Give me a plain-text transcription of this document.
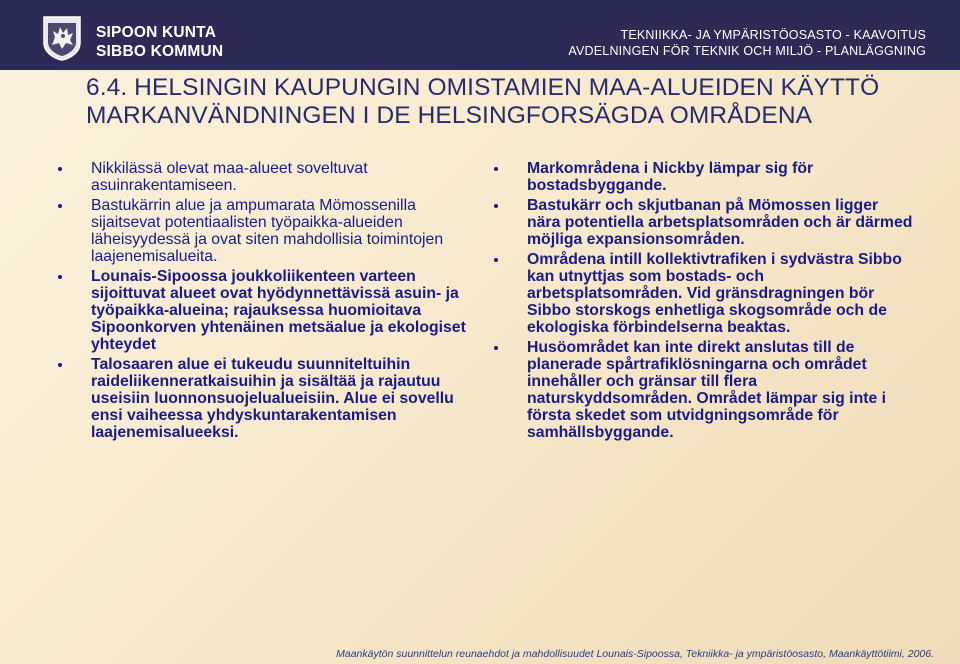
SIPOON KUNTA
SIBBO KOMMUN
TEKNIIKKA- JA YMPÄRISTÖOSASTO - KAAVOITUS
AVDELNINGEN FÖR TEKNIK OCH MILJÖ - PLANLÄGGNING
6.4. HELSINGIN KAUPUNGIN OMISTAMIEN MAA-ALUEIDEN KÄYTTÖ
MARKANVÄNDNINGEN I DE HELSINGFORSÄGDA OMRÅDENA
Nikkilässä olevat maa-alueet soveltuvat asuinrakentamiseen.
Bastukärrin alue ja ampumarata Mömossenilla sijaitsevat potentiaalisten työpaikka-alueiden läheisyydessä ja ovat siten mahdollisia toimintojen laajenemisalueita.
Lounais-Sipoossa joukkoliikenteen varteen sijoittuvat alueet ovat hyödynnettävissä asuin- ja työpaikka-alueina; rajauksessa huomioitava Sipoonkorven yhtenäinen metsäalue ja ekologiset yhteydet
Talosaaren alue ei tukeudu suunniteltuihin raideliikenneratkaisuihin ja sisältää ja rajautuu useisiin luonnonsuojelualueisiin. Alue ei sovellu ensi vaiheessa yhdyskuntarakentamisen laajenemisalueeksi.
Markområdena i Nickby lämpar sig för bostadsbyggande.
Bastukärr och skjutbanan på Mömossen ligger nära potentiella arbetsplatsområden och är därmed möjliga expansionsområden.
Områdena intill kollektivtrafiken i sydvästra Sibbo kan utnyttjas som bostads- och arbetsplatsområden. Vid gränsdragningen bör Sibbo storskogs enhetliga skogsområde och de ekologiska förbindelserna beaktas.
Husöområdet kan inte direkt anslutas till de planerade spårtrafiklösningarna och området innehåller och gränsar till flera naturskyddsområden. Området lämpar sig inte i första skedet som utvidgningsområde för samhällsbyggande.
Maankäytön suunnittelun reunaehdot ja mahdollisuudet Lounais-Sipoossa, Tekniikka- ja ympäristöosasto, Maankäyttötiimi, 2006.
